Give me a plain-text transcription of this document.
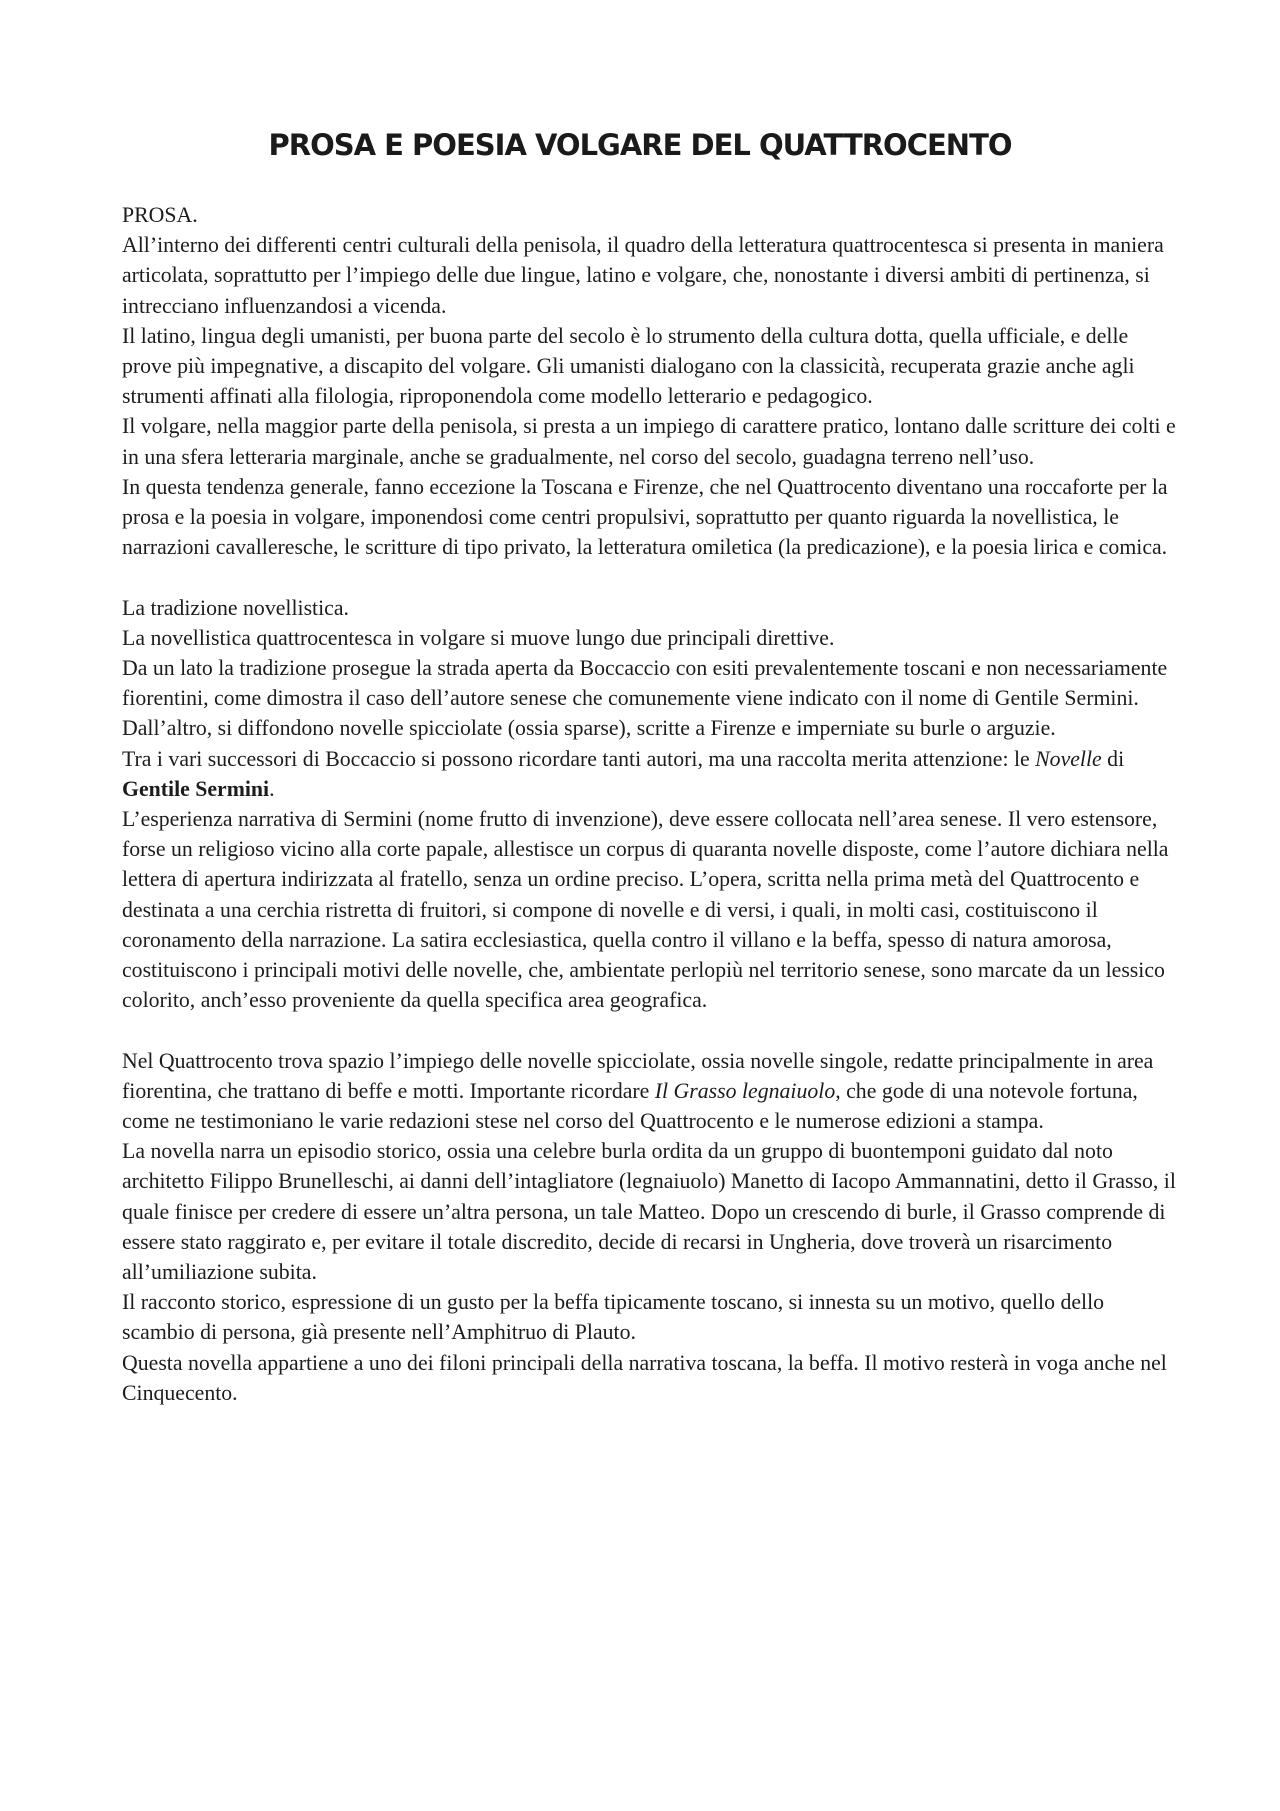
PROSA E POESIA VOLGARE DEL QUATTROCENTO

PROSA.

All’interno dei differenti centri culturali della penisola, il quadro della letteratura quattrocentesca si presenta in maniera articolata, soprattutto per l’impiego delle due lingue, latino e volgare, che, nonostante i diversi ambiti di pertinenza, si intrecciano influenzandosi a vicenda.

Il latino, lingua degli umanisti, per buona parte del secolo è lo strumento della cultura dotta, quella ufficiale, e delle prove più impegnative, a discapito del volgare. Gli umanisti dialogano con la classicità, recuperata grazie anche agli strumenti affinati alla filologia, riproponendola come modello letterario e pedagogico.

Il volgare, nella maggior parte della penisola, si presta a un impiego di carattere pratico, lontano dalle scritture dei colti e in una sfera letteraria marginale, anche se gradualmente, nel corso del secolo, guadagna terreno nell’uso.

In questa tendenza generale, fanno eccezione la Toscana e Firenze, che nel Quattrocento diventano una roccaforte per la prosa e la poesia in volgare, imponendosi come centri propulsivi, soprattutto per quanto riguarda la novellistica, le narrazioni cavalleresche, le scritture di tipo privato, la letteratura omiletica (la predicazione), e la poesia lirica e comica.

La tradizione novellistica.

La novellistica quattrocentesca in volgare si muove lungo due principali direttive.

Da un lato la tradizione prosegue la strada aperta da Boccaccio con esiti prevalentemente toscani e non necessariamente fiorentini, come dimostra il caso dell’autore senese che comunemente viene indicato con il nome di Gentile Sermini. Dall’altro, si diffondono novelle spicciolate (ossia sparse), scritte a Firenze e imperniate su burle o arguzie.

Tra i vari successori di Boccaccio si possono ricordare tanti autori, ma una raccolta merita attenzione: le Novelle di Gentile Sermini.

L’esperienza narrativa di Sermini (nome frutto di invenzione), deve essere collocata nell’area senese. Il vero estensore, forse un religioso vicino alla corte papale, allestisce un corpus di quaranta novelle disposte, come l’autore dichiara nella lettera di apertura indirizzata al fratello, senza un ordine preciso. L’opera, scritta nella prima metà del Quattrocento e destinata a una cerchia ristretta di fruitori, si compone di novelle e di versi, i quali, in molti casi, costituiscono il coronamento della narrazione. La satira ecclesiastica, quella contro il villano e la beffa, spesso di natura amorosa, costituiscono i principali motivi delle novelle, che, ambientate perlopiù nel territorio senese, sono marcate da un lessico colorito, anch’esso proveniente da quella specifica area geografica.

Nel Quattrocento trova spazio l’impiego delle novelle spicciolate, ossia novelle singole, redatte principalmente in area fiorentina, che trattano di beffe e motti. Importante ricordare Il Grasso legnaiuolo, che gode di una notevole fortuna, come ne testimoniano le varie redazioni stese nel corso del Quattrocento e le numerose edizioni a stampa.

La novella narra un episodio storico, ossia una celebre burla ordita da un gruppo di buontemponi guidato dal noto architetto Filippo Brunelleschi, ai danni dell’intagliatore (legnaiuolo) Manetto di Iacopo Ammannatini, detto il Grasso, il quale finisce per credere di essere un’altra persona, un tale Matteo. Dopo un crescendo di burle, il Grasso comprende di essere stato raggirato e, per evitare il totale discredito, decide di recarsi in Ungheria, dove troverà un risarcimento all’umiliazione subita.

Il racconto storico, espressione di un gusto per la beffa tipicamente toscano, si innesta su un motivo, quello dello scambio di persona, già presente nell’Amphitruo di Plauto.

Questa novella appartiene a uno dei filoni principali della narrativa toscana, la beffa. Il motivo resterà in voga anche nel Cinquecento.
